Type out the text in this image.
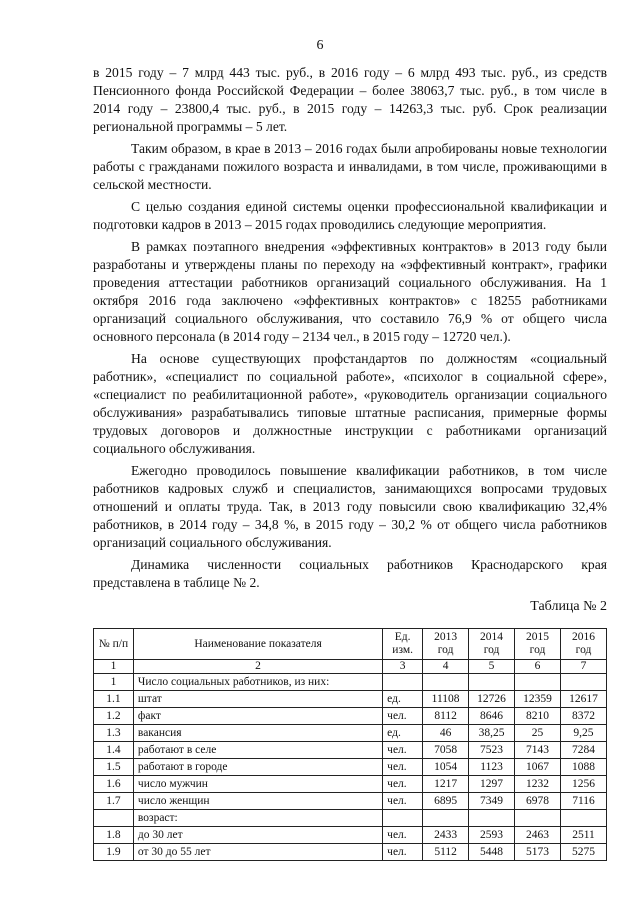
6

в 2015 году – 7 млрд 443 тыс. руб., в 2016 году – 6 млрд 493 тыс. руб., из средств Пенсионного фонда Российской Федерации – более 38063,7 тыс. руб., в том числе в 2014 году – 23800,4 тыс. руб., в 2015 году – 14263,3 тыс. руб. Срок реализации региональной программы – 5 лет.

Таким образом, в крае в 2013 – 2016 годах были апробированы новые технологии работы с гражданами пожилого возраста и инвалидами, в том числе, проживающими в сельской местности.

С целью создания единой системы оценки профессиональной квалификации и подготовки кадров в 2013 – 2015 годах проводились следующие мероприятия.

В рамках поэтапного внедрения «эффективных контрактов» в 2013 году были разработаны и утверждены планы по переходу на «эффективный контракт», графики проведения аттестации работников организаций социального обслуживания. На 1 октября 2016 года заключено «эффективных контрактов» с 18255 работниками организаций социального обслуживания, что составило 76,9 % от общего числа основного персонала (в 2014 году – 2134 чел., в 2015 году – 12720 чел.).

На основе существующих профстандартов по должностям «социальный работник», «специалист по социальной работе», «психолог в социальной сфере», «специалист по реабилитационной работе», «руководитель организации социального обслуживания» разрабатывались типовые штатные расписания, примерные формы трудовых договоров и должностные инструкции с работниками организаций социального обслуживания.

Ежегодно проводилось повышение квалификации работников, в том числе работников кадровых служб и специалистов, занимающихся вопросами трудовых отношений и оплаты труда. Так, в 2013 году повысили свою квалификацию 32,4% работников, в 2014 году – 34,8 %, в 2015 году – 30,2 % от общего числа работников организаций социального обслуживания.

Динамика численности социальных работников Краснодарского края представлена в таблице № 2.

Таблица № 2
№ п/п	Наименование показателя	Ед. изм.	2013 год	2014 год	2015 год	2016 год
1	2	3	4	5	6	7
1	Число социальных работников, из них:					
1.1	штат	ед.	11108	12726	12359	12617
1.2	факт	чел.	8112	8646	8210	8372
1.3	вакансия	ед.	46	38,25	25	9,25
1.4	работают в селе	чел.	7058	7523	7143	7284
1.5	работают в городе	чел.	1054	1123	1067	1088
1.6	число мужчин	чел.	1217	1297	1232	1256
1.7	число женщин	чел.	6895	7349	6978	7116
	возраст:					
1.8	до 30 лет	чел.	2433	2593	2463	2511
1.9	от 30 до 55 лет	чел.	5112	5448	5173	5275
